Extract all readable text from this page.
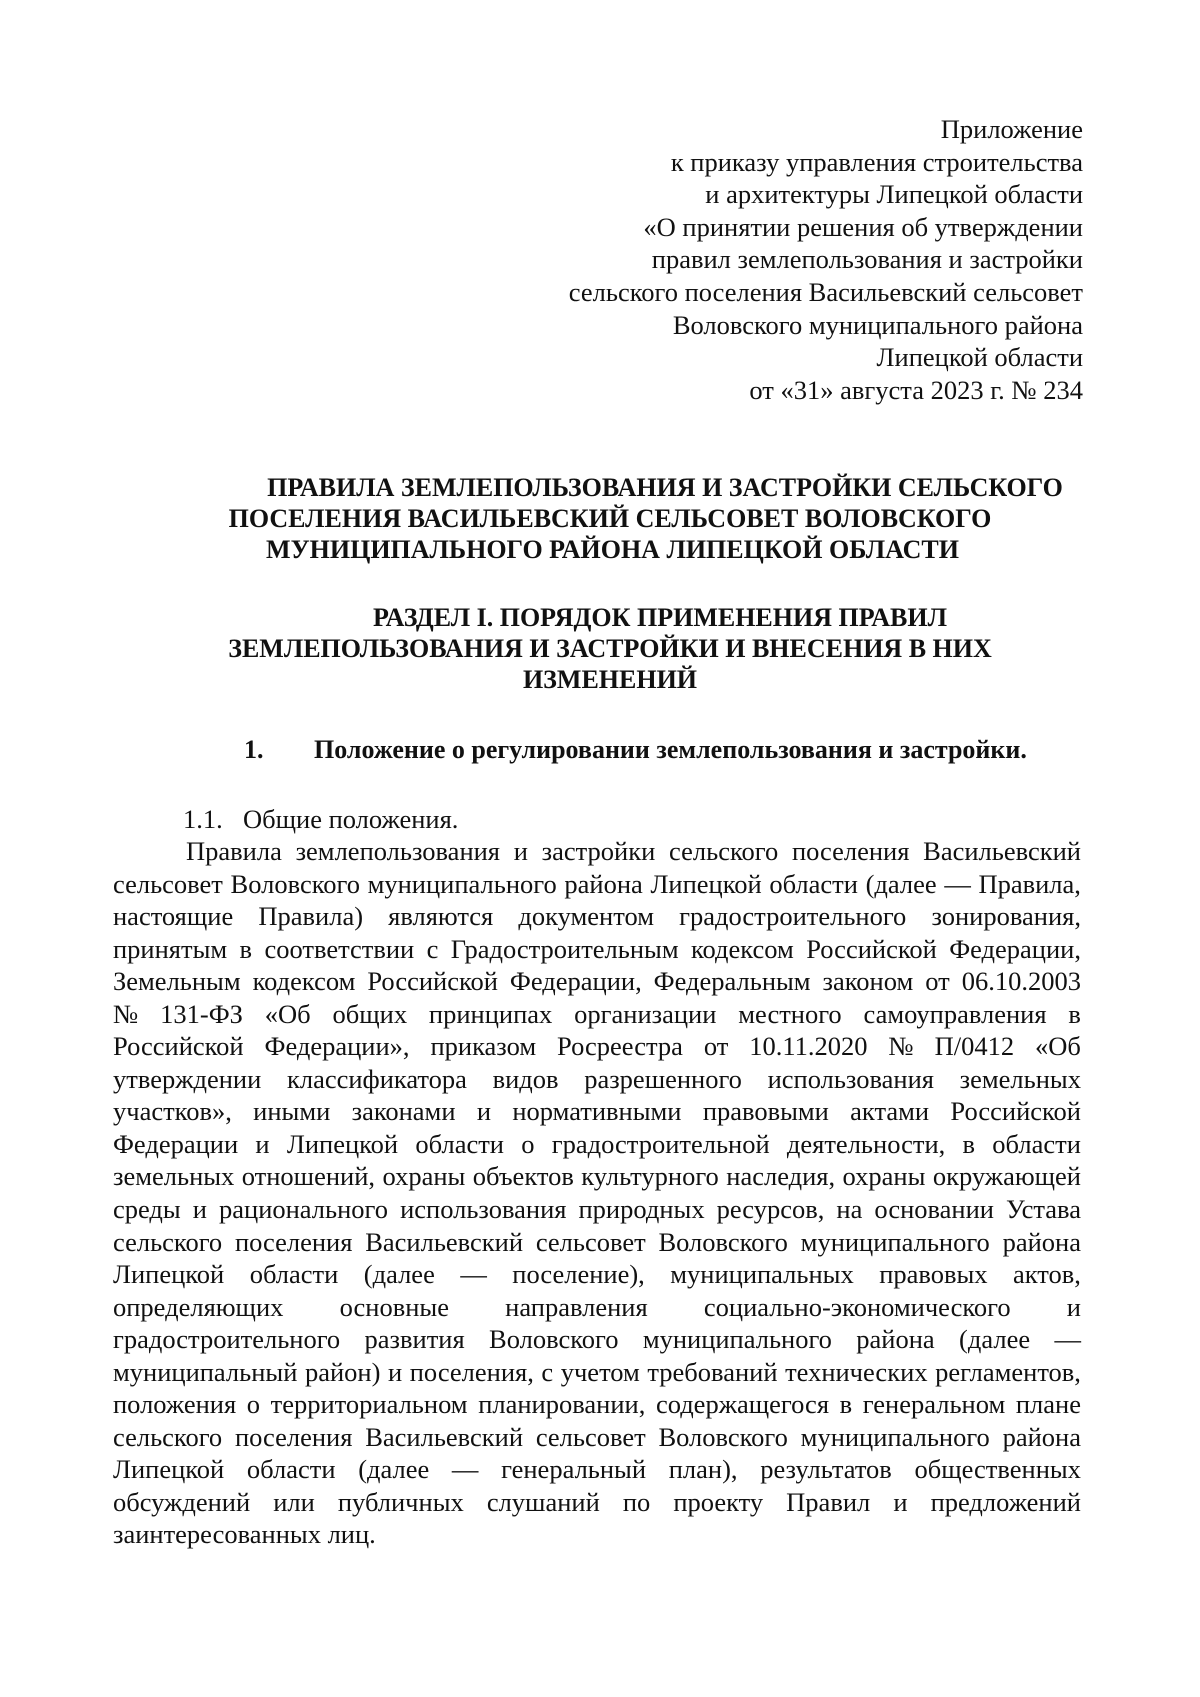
Приложение
к приказу управления строительства
и архитектуры Липецкой области
«О принятии решения об утверждении
правил землепользования и застройки
сельского поселения Васильевский сельсовет
Воловского муниципального района
Липецкой области
от «31» августа 2023 г. № 234
ПРАВИЛА ЗЕМЛЕПОЛЬЗОВАНИЯ И ЗАСТРОЙКИ СЕЛЬСКОГО
ПОСЕЛЕНИЯ ВАСИЛЬЕВСКИЙ СЕЛЬСОВЕТ ВОЛОВСКОГО
МУНИЦИПАЛЬНОГО РАЙОНА ЛИПЕЦКОЙ ОБЛАСТИ
РАЗДЕЛ I. ПОРЯДОК ПРИМЕНЕНИЯ ПРАВИЛ
ЗЕМЛЕПОЛЬЗОВАНИЯ И ЗАСТРОЙКИ И ВНЕСЕНИЯ В НИХ
ИЗМЕНЕНИЙ
1. Положение о регулировании землепользования и застройки.
1.1. Общие положения.
Правила землепользования и застройки сельского поселения Васильевский
сельсовет Воловского муниципального района Липецкой области (далее — Правила,
настоящие Правила) являются документом градостроительного зонирования,
принятым в соответствии с Градостроительным кодексом Российской Федерации,
Земельным кодексом Российской Федерации, Федеральным законом от 06.10.2003
№ 131-ФЗ «Об общих принципах организации местного самоуправления в
Российской Федерации», приказом Росреестра от 10.11.2020 № П/0412 «Об
утверждении классификатора видов разрешенного использования земельных
участков», иными законами и нормативными правовыми актами Российской
Федерации и Липецкой области о градостроительной деятельности, в области
земельных отношений, охраны объектов культурного наследия, охраны окружающей
среды и рационального использования природных ресурсов, на основании Устава
сельского поселения Васильевский сельсовет Воловского муниципального района
Липецкой области (далее — поселение), муниципальных правовых актов,
определяющих основные направления социально-экономического и
градостроительного развития Воловского муниципального района (далее —
муниципальный район) и поселения, с учетом требований технических регламентов,
положения о территориальном планировании, содержащегося в генеральном плане
сельского поселения Васильевский сельсовет Воловского муниципального района
Липецкой области (далее — генеральный план), результатов общественных
обсуждений или публичных слушаний по проекту Правил и предложений
заинтересованных лиц.
